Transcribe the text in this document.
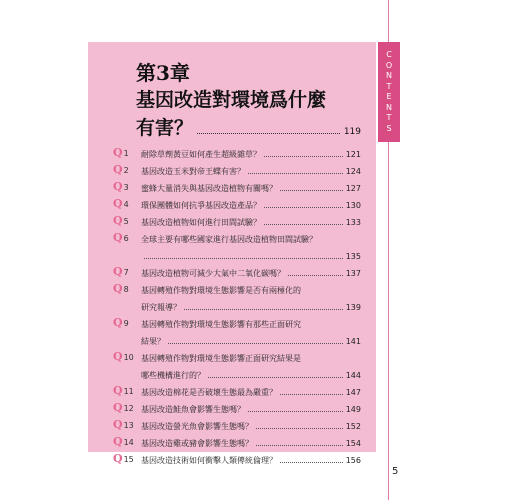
C
O
N
T
E
N
T
S
第3章
基因改造對環境爲什麼
有害？	119
Q 1 耐除草劑黃豆如何產生超級雜草？	121
Q 2 基因改造玉米對帝王蝶有害？	124
Q 3 蜜蜂大量消失與基因改造植物有關嗎？	127
Q 4 環保團體如何抗爭基因改造產品？	130
Q 5 基因改造植物如何進行田間試驗？	133
Q 6 全球主要有哪些國家進行基因改造植物田間試驗？
135
Q 7 基因改造植物可減少大氣中二氧化碳嗎？	137
Q 8 基因轉殖作物對環境生態影響是否有兩極化的
研究報導？	139
Q 9 基因轉殖作物對環境生態影響有那些正面研究
結果？	141
Q 10 基因轉殖作物對環境生態影響正面研究結果是
哪些機構進行的？	144
Q 11 基因改造棉花是否破壞生態最為嚴重？	147
Q 12 基因改造鮭魚會影響生態嗎？	149
Q 13 基因改造螢光魚會影響生態嗎？	152
Q 14 基因改造雞或豬會影響生態嗎？	154
Q 15 基因改造技術如何衝擊人類傳統倫理？	156
5
